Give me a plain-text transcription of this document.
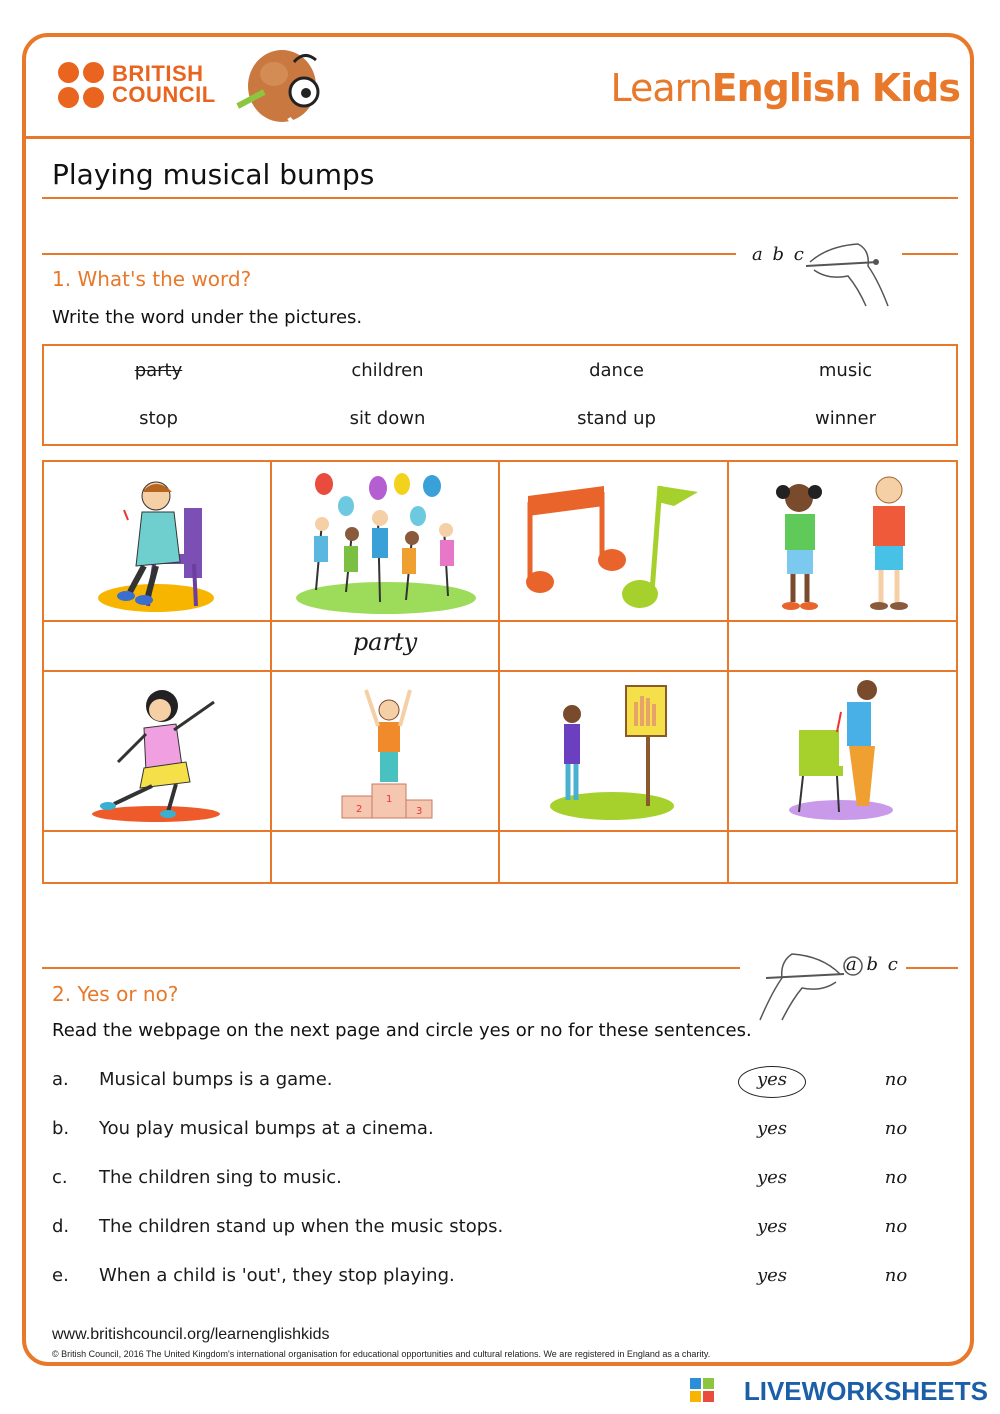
BRITISH
COUNCIL	LearnEnglish Kids
Playing musical bumps
a b c
1. What's the word?
Write the word under the pictures.
party	children	dance	music
stop	sit down	stand up	winner
party
2
1
3
a b c
2. Yes or no?
Read the webpage on the next page and circle yes or no for these sentences.
a. Musical bumps is a game.	yes	no
b. You play musical bumps at a cinema.	yes	no
c. The children sing to music.	yes	no
d. The children stand up when the music stops.	yes	no
e. When a child is 'out', they stop playing.	yes	no
www.britishcouncil.org/learnenglishkids
© British Council, 2016 The United Kingdom's international organisation for educational opportunities and cultural relations. We are registered in England as a charity.
LIVEWORKSHEETS
